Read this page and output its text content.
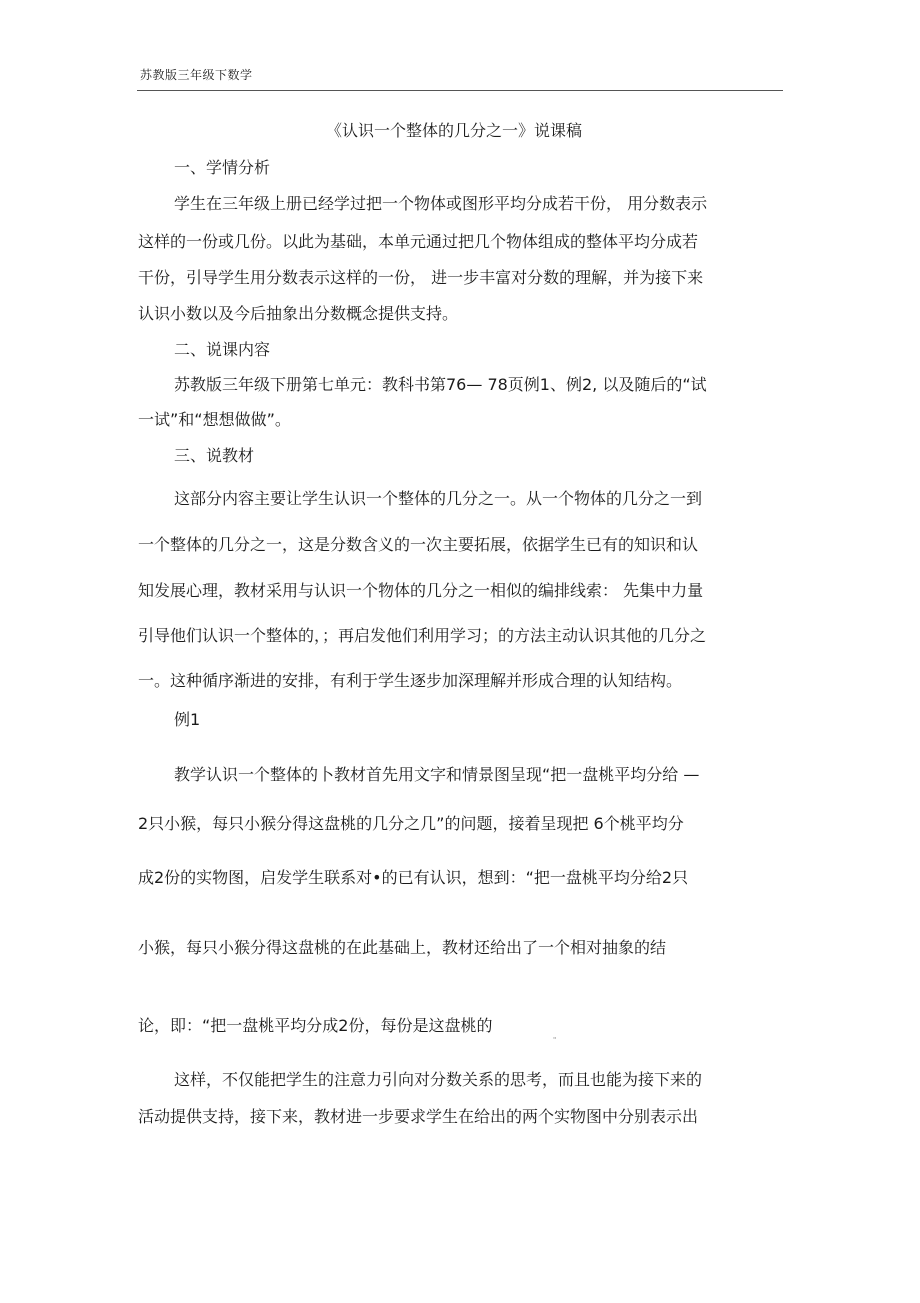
苏教版三年级下数学
《认识一个整体的几分之一》说课稿
一、学情分析
学生在三年级上册已经学过把一个物体或图形平均分成若干份， 用分数表示
这样的一份或几份。以此为基础，本单元通过把几个物体组成的整体平均分成若
干份，引导学生用分数表示这样的一份， 进一步丰富对分数的理解，并为接下来
认识小数以及今后抽象出分数概念提供支持。
二、说课内容
苏教版三年级下册第七单元：教科书第76— 78页例1、例2, 以及随后的“试
一试”和“想想做做”。
三、说教材
这部分内容主要让学生认识一个整体的几分之一。从一个物体的几分之一到
一个整体的几分之一，这是分数含义的一次主要拓展，依据学生已有的知识和认
知发展心理，教材采用与认识一个物体的几分之一相似的编排线索： 先集中力量
引导他们认识一个整体的，；再启发他们利用学习；的方法主动认识其他的几分之
一。这种循序渐进的安排，有利于学生逐步加深理解并形成合理的认知结构。
例1
教学认识一个整体的卜教材首先用文字和情景图呈现“把一盘桃平均分给 —
2只小猴，每只小猴分得这盘桃的几分之几”的问题，接着呈现把 6个桃平均分
成2份的实物图，启发学生联系对•的已有认识，想到：“把一盘桃平均分给2只
小猴，每只小猴分得这盘桃的在此基础上，教材还给出了一个相对抽象的结
论，即：“把一盘桃平均分成2份，每份是这盘桃的
"
这样，不仅能把学生的注意力引向对分数关系的思考，而且也能为接下来的
活动提供支持，接下来，教材进一步要求学生在给出的两个实物图中分别表示出
